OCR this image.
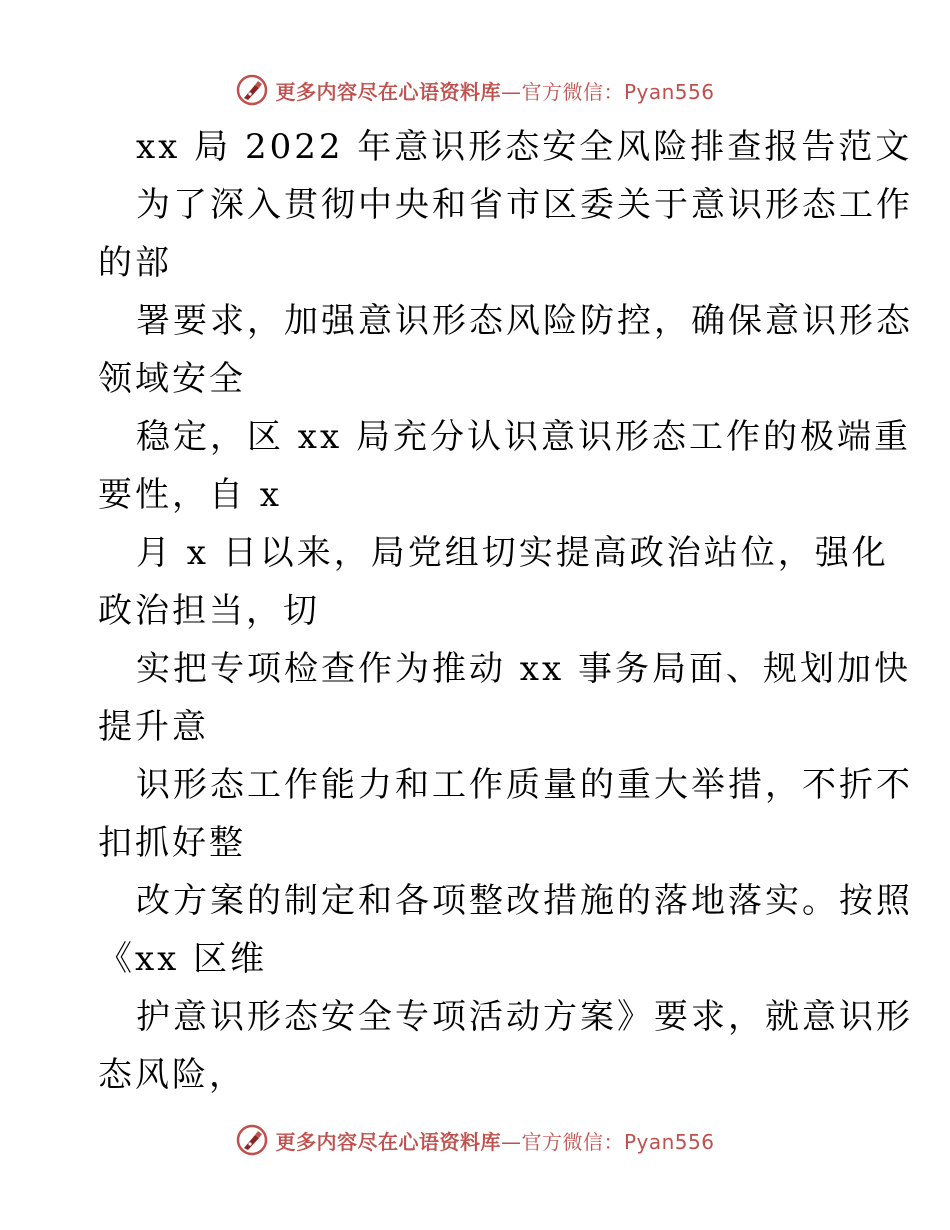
更多内容尽在心语资料库—官方微信：Pyan556
xx 局 2022 年意识形态安全风险排查报告范文
为了深入贯彻中央和省市区委关于意识形态工作
的部
署要求，加强意识形态风险防控，确保意识形态
领域安全
稳定，区 xx 局充分认识意识形态工作的极端重
要性，自 x
月 x 日以来，局党组切实提高政治站位，强化
政治担当，切
实把专项检查作为推动 xx 事务局面、规划加快
提升意
识形态工作能力和工作质量的重大举措，不折不
扣抓好整
改方案的制定和各项整改措施的落地落实。按照
《xx 区维
护意识形态安全专项活动方案》要求，就意识形
态风险，
更多内容尽在心语资料库—官方微信：Pyan556
